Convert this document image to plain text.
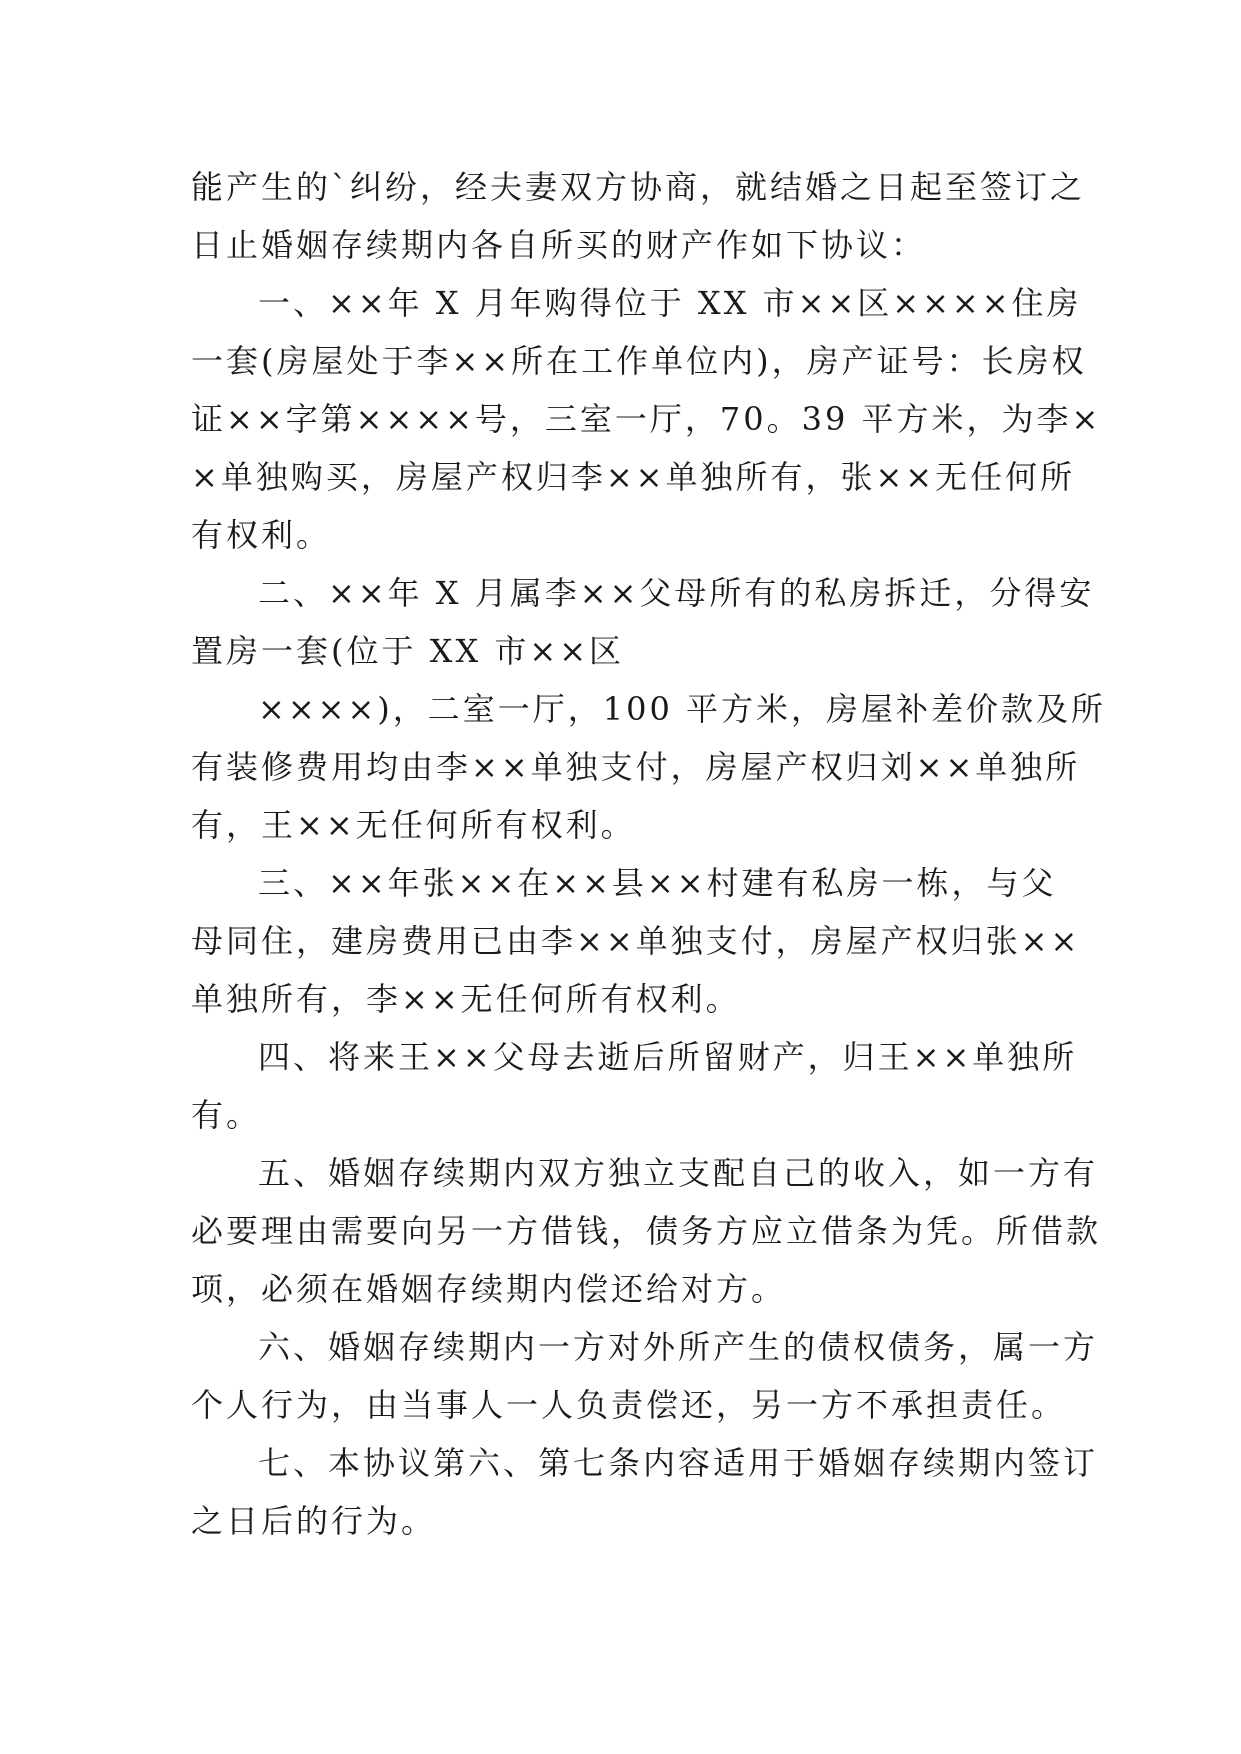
能产生的`纠纷，经夫妻双方协商，就结婚之日起至签订之
日止婚姻存续期内各自所买的财产作如下协议：
一、××年 X 月年购得位于 XX 市××区××××住房
一套(房屋处于李××所在工作单位内)，房产证号：长房权
证××字第××××号，三室一厅，70。39 平方米，为李×
×单独购买，房屋产权归李××单独所有，张××无任何所
有权利。
二、××年 X 月属李××父母所有的私房拆迁，分得安
置房一套(位于 XX 市××区
××××)，二室一厅，100 平方米，房屋补差价款及所
有装修费用均由李××单独支付，房屋产权归刘××单独所
有，王××无任何所有权利。
三、××年张××在××县××村建有私房一栋，与父
母同住，建房费用已由李××单独支付，房屋产权归张××
单独所有，李××无任何所有权利。
四、将来王××父母去逝后所留财产，归王××单独所
有。
五、婚姻存续期内双方独立支配自己的收入，如一方有
必要理由需要向另一方借钱，债务方应立借条为凭。所借款
项，必须在婚姻存续期内偿还给对方。
六、婚姻存续期内一方对外所产生的债权债务，属一方
个人行为，由当事人一人负责偿还，另一方不承担责任。
七、本协议第六、第七条内容适用于婚姻存续期内签订
之日后的行为。
